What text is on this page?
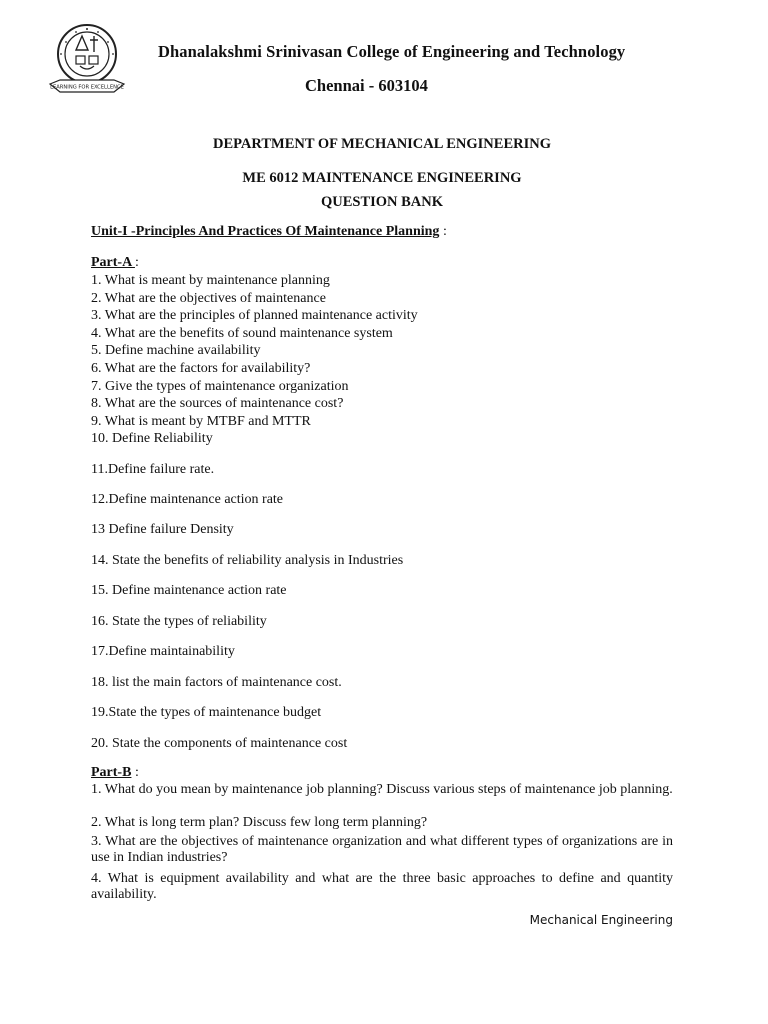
LEARNING FOR EXCELLENCE
Dhanalakshmi Srinivasan College of Engineering and Technology
Chennai - 603104
DEPARTMENT OF MECHANICAL ENGINEERING
ME 6012 MAINTENANCE ENGINEERING
QUESTION BANK
Unit-I -Principles And Practices Of Maintenance Planning :
Part-A :
1. What is meant by maintenance planning
2. What are the objectives of maintenance
3. What are the principles of planned maintenance activity
4. What are the benefits of sound maintenance system
5. Define machine availability
6. What are the factors for availability?
7. Give the types of maintenance organization
8. What are the sources of maintenance cost?
9. What is meant by MTBF and MTTR
10. Define Reliability
11.Define failure rate.
12.Define maintenance action rate
13 Define failure Density
14. State the benefits of reliability analysis in Industries
15. Define maintenance action rate
16. State the types of reliability
17.Define maintainability
18. list the main factors of maintenance cost.
19.State the types of maintenance budget
20. State the components of maintenance cost
Part-B :
1. What do you mean by maintenance job planning? Discuss various steps of maintenance job planning.
2. What is long term plan? Discuss few long term planning?
3. What are the objectives of maintenance organization and what different types of organizations are in use in Indian industries?
4. What is equipment availability and what are the three basic approaches to define and quantity availability.
Mechanical Engineering
